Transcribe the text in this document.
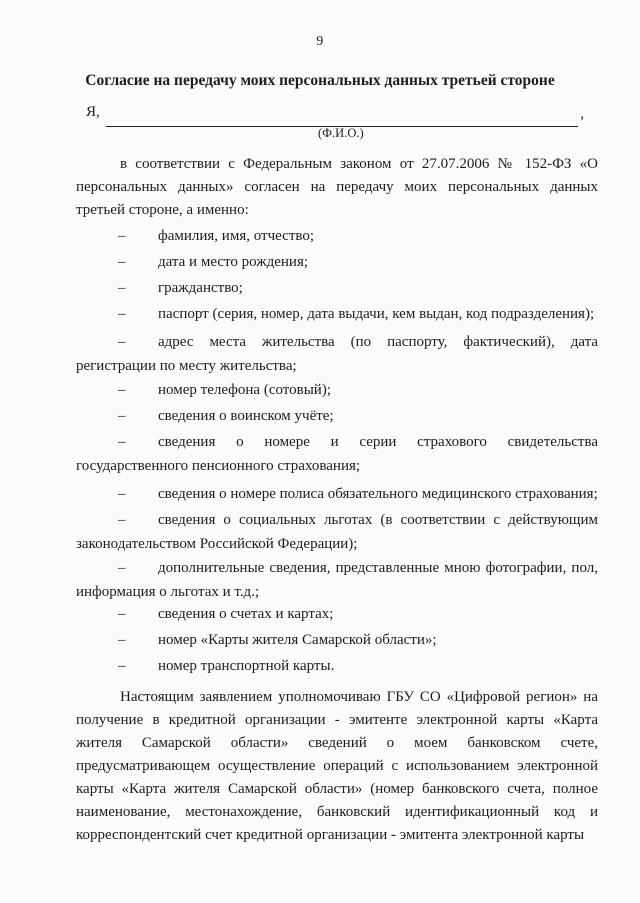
9
Согласие на передачу моих персональных данных третьей стороне
Я,	,
(Ф.И.О.)
в соответствии с Федеральным законом от 27.07.2006 № 152-ФЗ «О персональных данных» согласен на передачу моих персональных данных третьей стороне, а именно:
–фамилия, имя, отчество;
–дата и место рождения;
–гражданство;
–паспорт (серия, номер, дата выдачи, кем выдан, код подразделения);
–адрес места жительства (по паспорту, фактический), дата регистрации по месту жительства;
–номер телефона (сотовый);
–сведения о воинском учёте;
–сведения о номере и серии страхового свидетельства государственного пенсионного страхования;
–сведения о номере полиса обязательного медицинского страхования;
–сведения о социальных льготах (в соответствии с действующим законодательством Российской Федерации);
–дополнительные сведения, представленные мною фотографии, пол, информация о льготах и т.д.;
–сведения о счетах и картах;
–номер «Карты жителя Самарской области»;
–номер транспортной карты.
Настоящим заявлением уполномочиваю ГБУ СО «Цифровой регион» на получение в кредитной организации - эмитенте электронной карты «Карта жителя Самарской области» сведений о моем банковском счете, предусматривающем осуществление операций с использованием электронной карты «Карта жителя Самарской области» (номер банковского счета, полное наименование, местонахождение, банковский идентификационный код и корреспондентский счет кредитной организации - эмитента электронной карты
